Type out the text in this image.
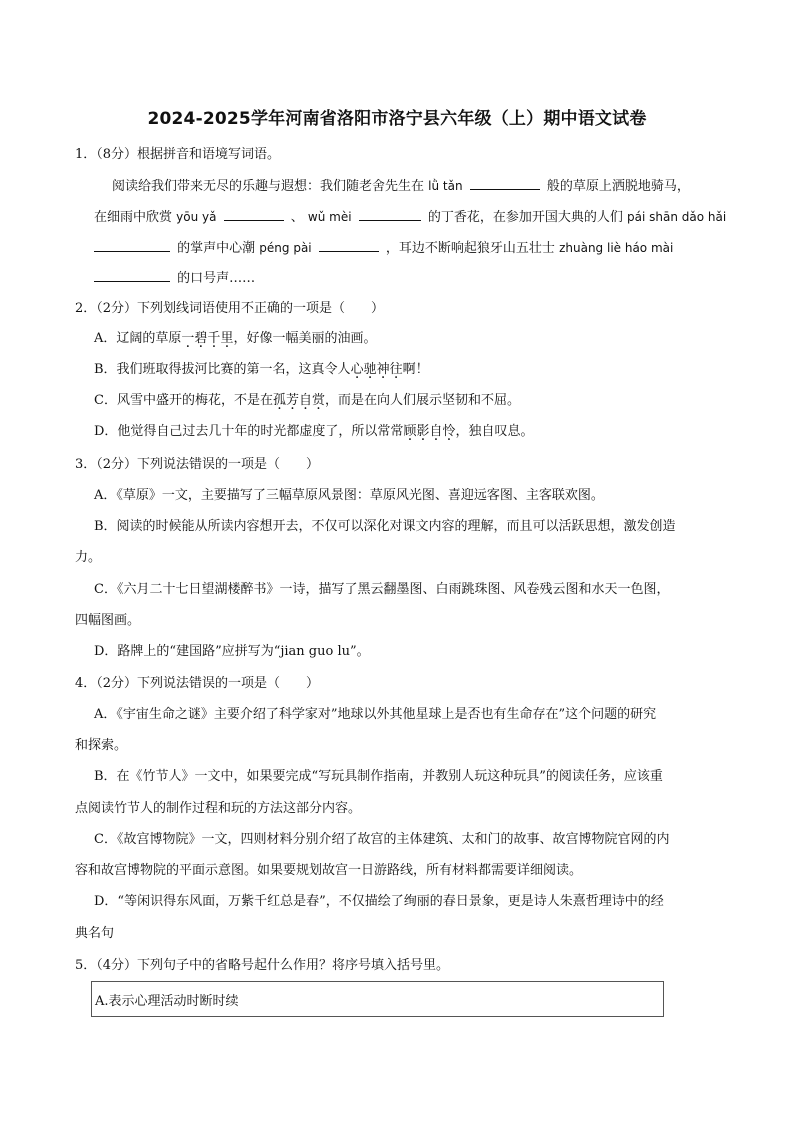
2024-2025学年河南省洛阳市洛宁县六年级（上）期中语文试卷
1．（8分）根据拼音和语境写词语。
阅读给我们带来无尽的乐趣与遐想：我们随老舍先生在 lǜ tǎn	般的草原上洒脱地骑马，
在细雨中欣赏 yōu yǎ	、 wǔ mèi	的丁香花，在参加开国大典的人们 pái shān dǎo hǎi
的掌声中心潮 péng pài	，耳边不断响起狼牙山五壮士 zhuàng liè háo mài
的口号声……
2．（2分）下列划线词语使用不正确的一项是（　　）
A．辽阔的草原一碧千里，好像一幅美丽的油画。
B．我们班取得拔河比赛的第一名，这真令人心驰神往啊！
C．风雪中盛开的梅花，不是在孤芳自赏，而是在向人们展示坚韧和不屈。
D．他觉得自己过去几十年的时光都虚度了，所以常常顾影自怜，独自叹息。
3．（2分）下列说法错误的一项是（　　）
A．《草原》一文，主要描写了三幅草原风景图：草原风光图、喜迎远客图、主客联欢图。
B．阅读的时候能从所读内容想开去，不仅可以深化对课文内容的理解，而且可以活跃思想，激发创造
力。
C．《六月二十七日望湖楼醉书》一诗，描写了黑云翻墨图、白雨跳珠图、风卷残云图和水天一色图，
四幅图画。
D．路牌上的“建国路”应拼写为“jian guo lu”。
4．（2分）下列说法错误的一项是（　　）
A．《宇宙生命之谜》主要介绍了科学家对”地球以外其他星球上是否也有生命存在”这个问题的研究
和探索。
B．在《竹节人》一文中，如果要完成“写玩具制作指南，并教别人玩这种玩具”的阅读任务，应该重
点阅读竹节人的制作过程和玩的方法这部分内容。
C．《故宫博物院》一文，四则材料分别介绍了故宫的主体建筑、太和门的故事、故宫博物院官网的内
容和故宫博物院的平面示意图。如果要规划故宫一日游路线，所有材料都需要详细阅读。
D．“等闲识得东风面，万紫千红总是春”，不仅描绘了绚丽的春日景象，更是诗人朱熹哲理诗中的经
典名句
5．（4分）下列句子中的省略号起什么作用？将序号填入括号里。
A.表示心理活动时断时续
